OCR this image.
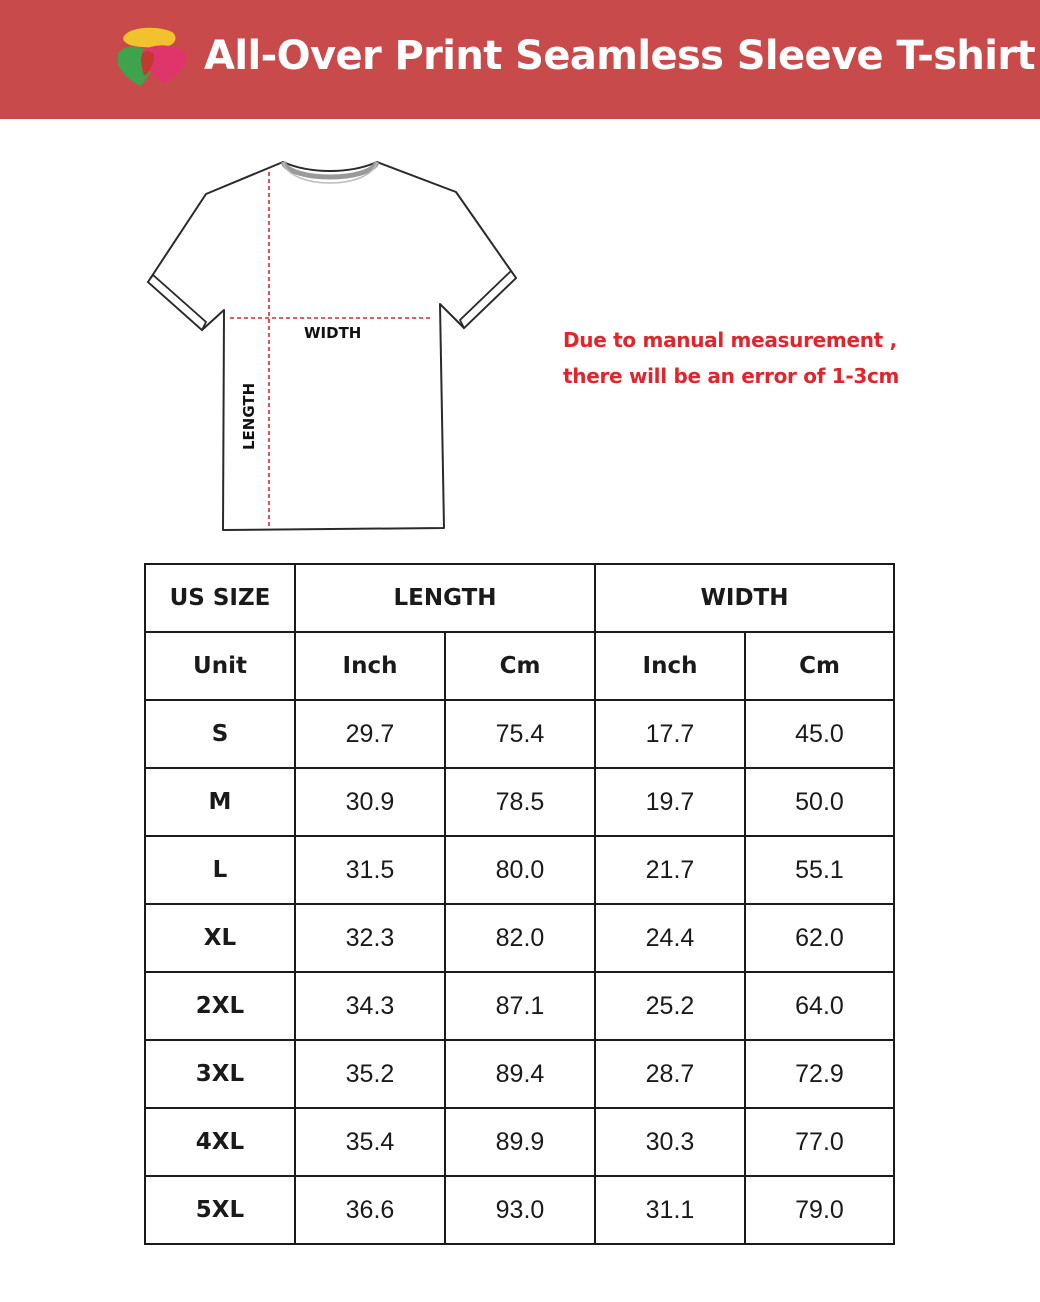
All-Over Print Seamless Sleeve T-shirt
WIDTH
LENGTH
Due to manual measurement ,
there will be an error of 1-3cm
US SIZE	LENGTH		WIDTH	
Unit	Inch	Cm	Inch	Cm
S	29.7	75.4	17.7	45.0
M	30.9	78.5	19.7	50.0
L	31.5	80.0	21.7	55.1
XL	32.3	82.0	24.4	62.0
2XL	34.3	87.1	25.2	64.0
3XL	35.2	89.4	28.7	72.9
4XL	35.4	89.9	30.3	77.0
5XL	36.6	93.0	31.1	79.0
